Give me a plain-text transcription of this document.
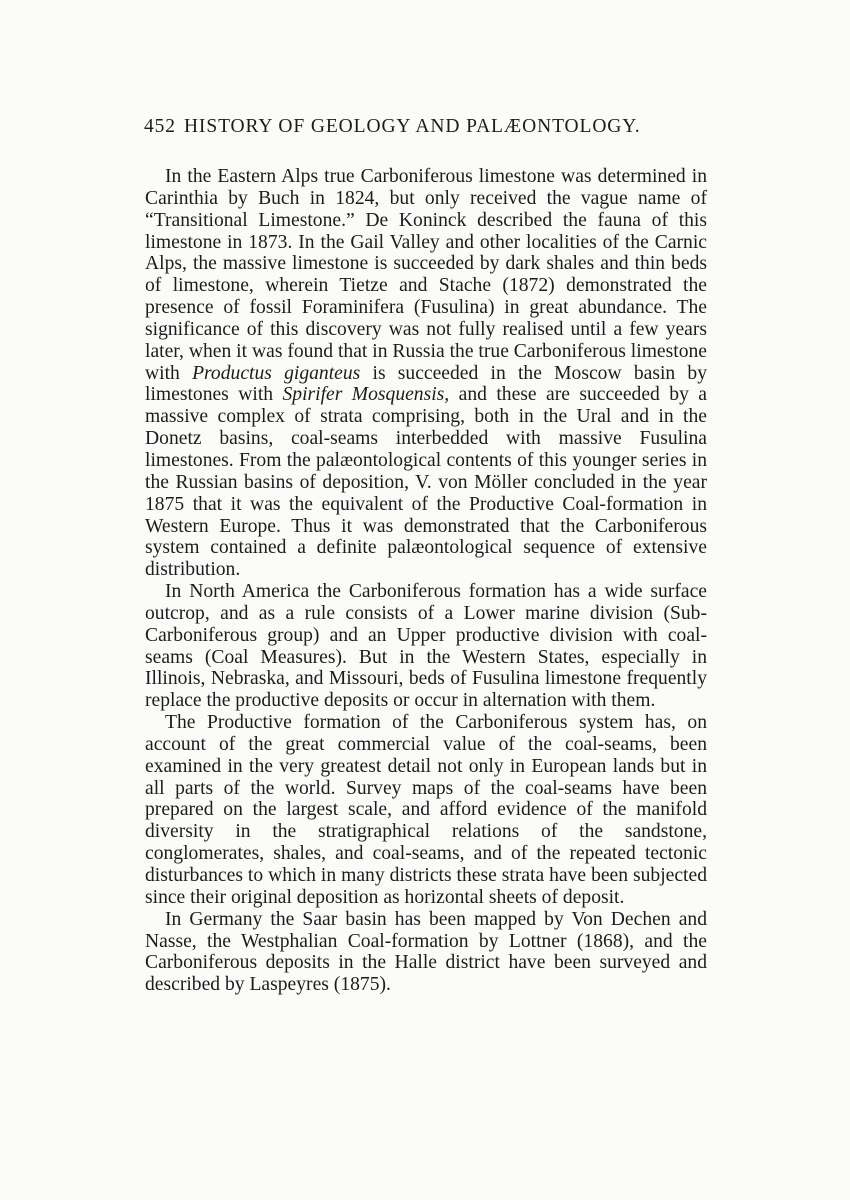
452 HISTORY OF GEOLOGY AND PALÆONTOLOGY.

In the Eastern Alps true Carboniferous limestone was determined in Carinthia by Buch in 1824, but only received the vague name of “Transitional Limestone.” De Koninck described the fauna of this limestone in 1873. In the Gail Valley and other localities of the Carnic Alps, the massive limestone is succeeded by dark shales and thin beds of limestone, wherein Tietze and Stache (1872) demonstrated the presence of fossil Foraminifera (Fusulina) in great abundance. The significance of this discovery was not fully realised until a few years later, when it was found that in Russia the true Carboniferous limestone with Productus giganteus is succeeded in the Moscow basin by limestones with Spirifer Mosquensis, and these are succeeded by a massive complex of strata comprising, both in the Ural and in the Donetz basins, coal-seams interbedded with massive Fusulina limestones. From the palæontological contents of this younger series in the Russian basins of deposition, V. von Möller concluded in the year 1875 that it was the equivalent of the Productive Coal-formation in Western Europe. Thus it was demonstrated that the Carboniferous system contained a definite palæontological sequence of extensive distribution.

In North America the Carboniferous formation has a wide surface outcrop, and as a rule consists of a Lower marine division (Sub-Carboniferous group) and an Upper productive division with coal-seams (Coal Measures). But in the Western States, especially in Illinois, Nebraska, and Missouri, beds of Fusulina limestone frequently replace the productive deposits or occur in alternation with them.

The Productive formation of the Carboniferous system has, on account of the great commercial value of the coal-seams, been examined in the very greatest detail not only in European lands but in all parts of the world. Survey maps of the coal-seams have been prepared on the largest scale, and afford evidence of the manifold diversity in the stratigraphical relations of the sandstone, conglomerates, shales, and coal-seams, and of the repeated tectonic disturbances to which in many districts these strata have been subjected since their original deposition as horizontal sheets of deposit.

In Germany the Saar basin has been mapped by Von Dechen and Nasse, the Westphalian Coal-formation by Lottner (1868), and the Carboniferous deposits in the Halle district have been surveyed and described by Laspeyres (1875).
